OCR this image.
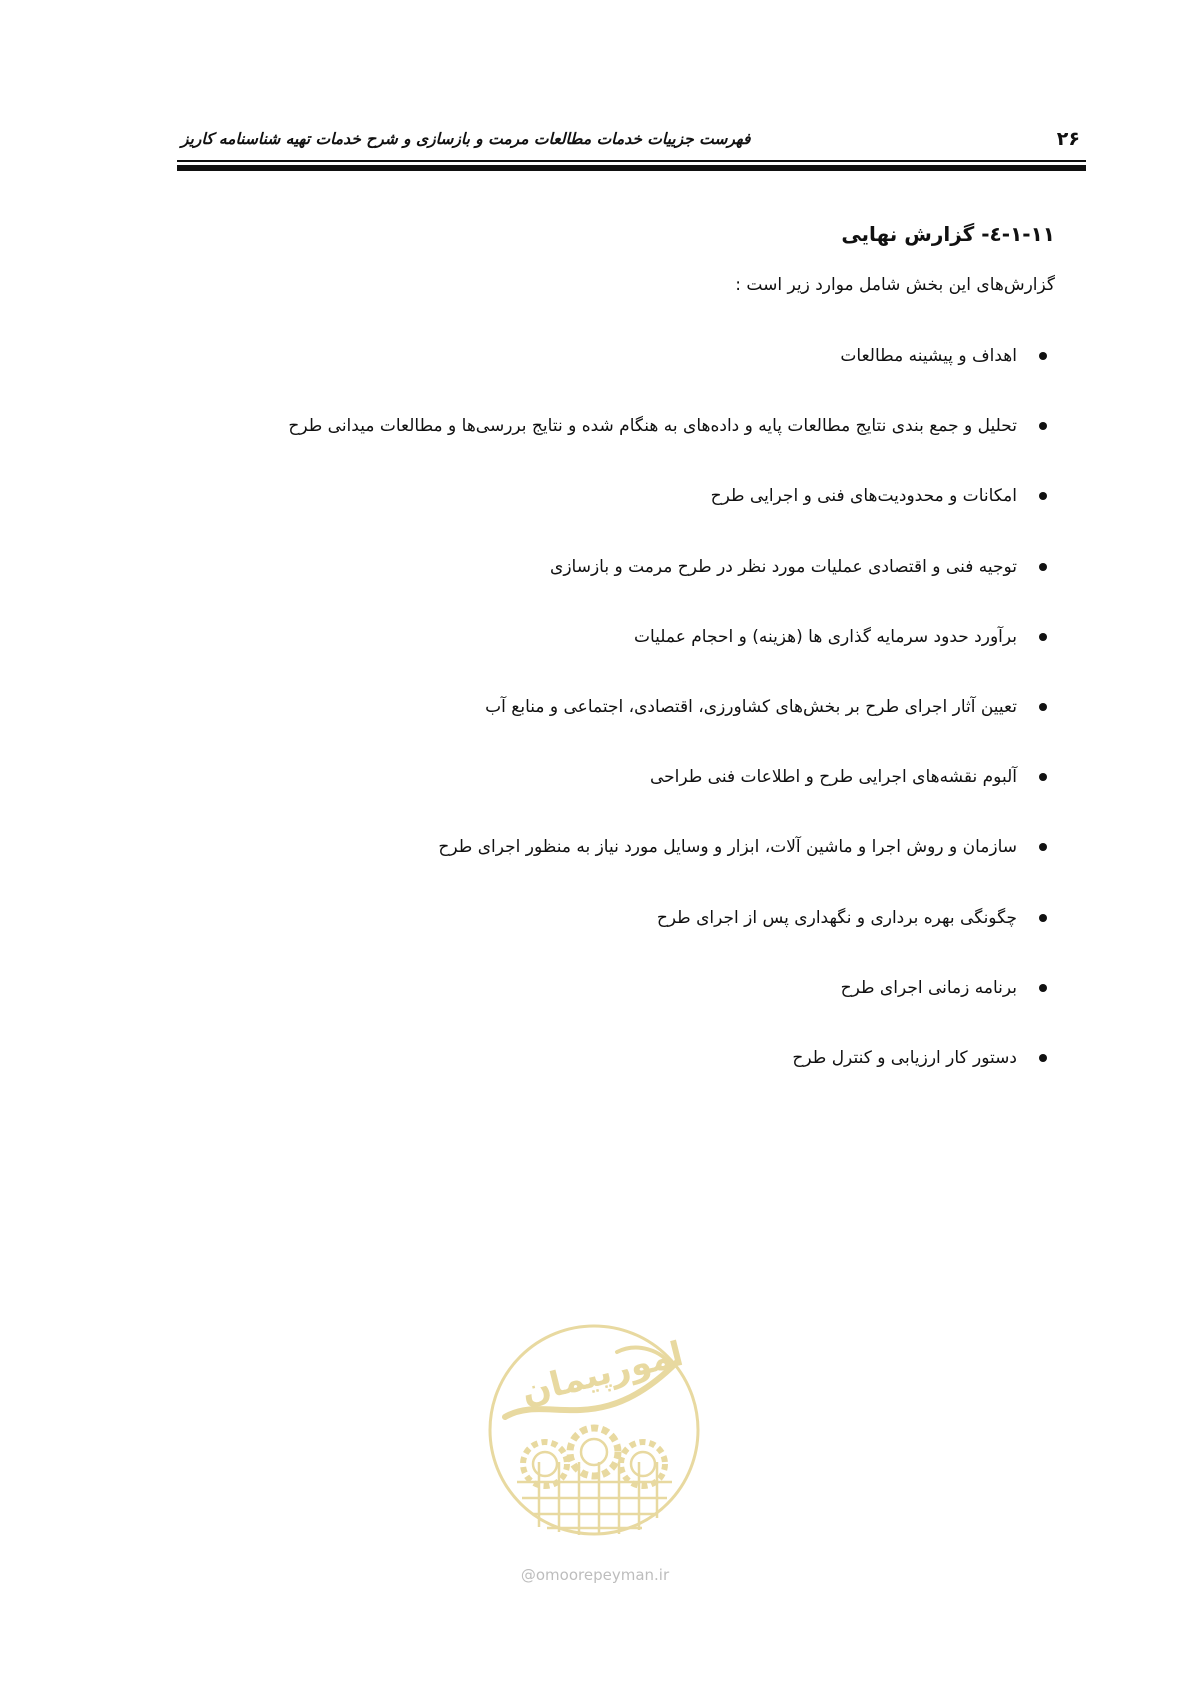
فهرست جزییات خدمات مطالعات مرمت و بازسازی و شرح خدمات تهیه شناسنامه کاریز	۲۶
۱-۱۱-٤- گزارش نهایی
گزارش‌های این بخش شامل موارد زیر است :
اهداف و پیشینه مطالعات
تحلیل و جمع بندی نتایج مطالعات پایه و داده‌های به هنگام شده و نتایج بررسی‌ها و مطالعات میدانی طرح
امکانات و محدودیت‌های فنی و اجرایی طرح
توجیه فنی و اقتصادی عملیات مورد نظر در طرح مرمت و بازسازی
برآورد حدود سرمایه گذاری ها (هزینه) و احجام عملیات
تعیین آثار اجرای طرح بر بخش‌های کشاورزی، اقتصادی، اجتماعی و منابع آب
آلبوم نقشه‌های اجرایی طرح و اطلاعات فنی طراحی
سازمان و روش اجرا و ماشین آلات، ابزار و وسایل مورد نیاز به منظور اجرای طرح
چگونگی بهره برداری و نگهداری پس از اجرای طرح
برنامه زمانی اجرای طرح
دستور کار ارزیابی و کنترل طرح
امورپیمان
@omoorepeyman.ir
